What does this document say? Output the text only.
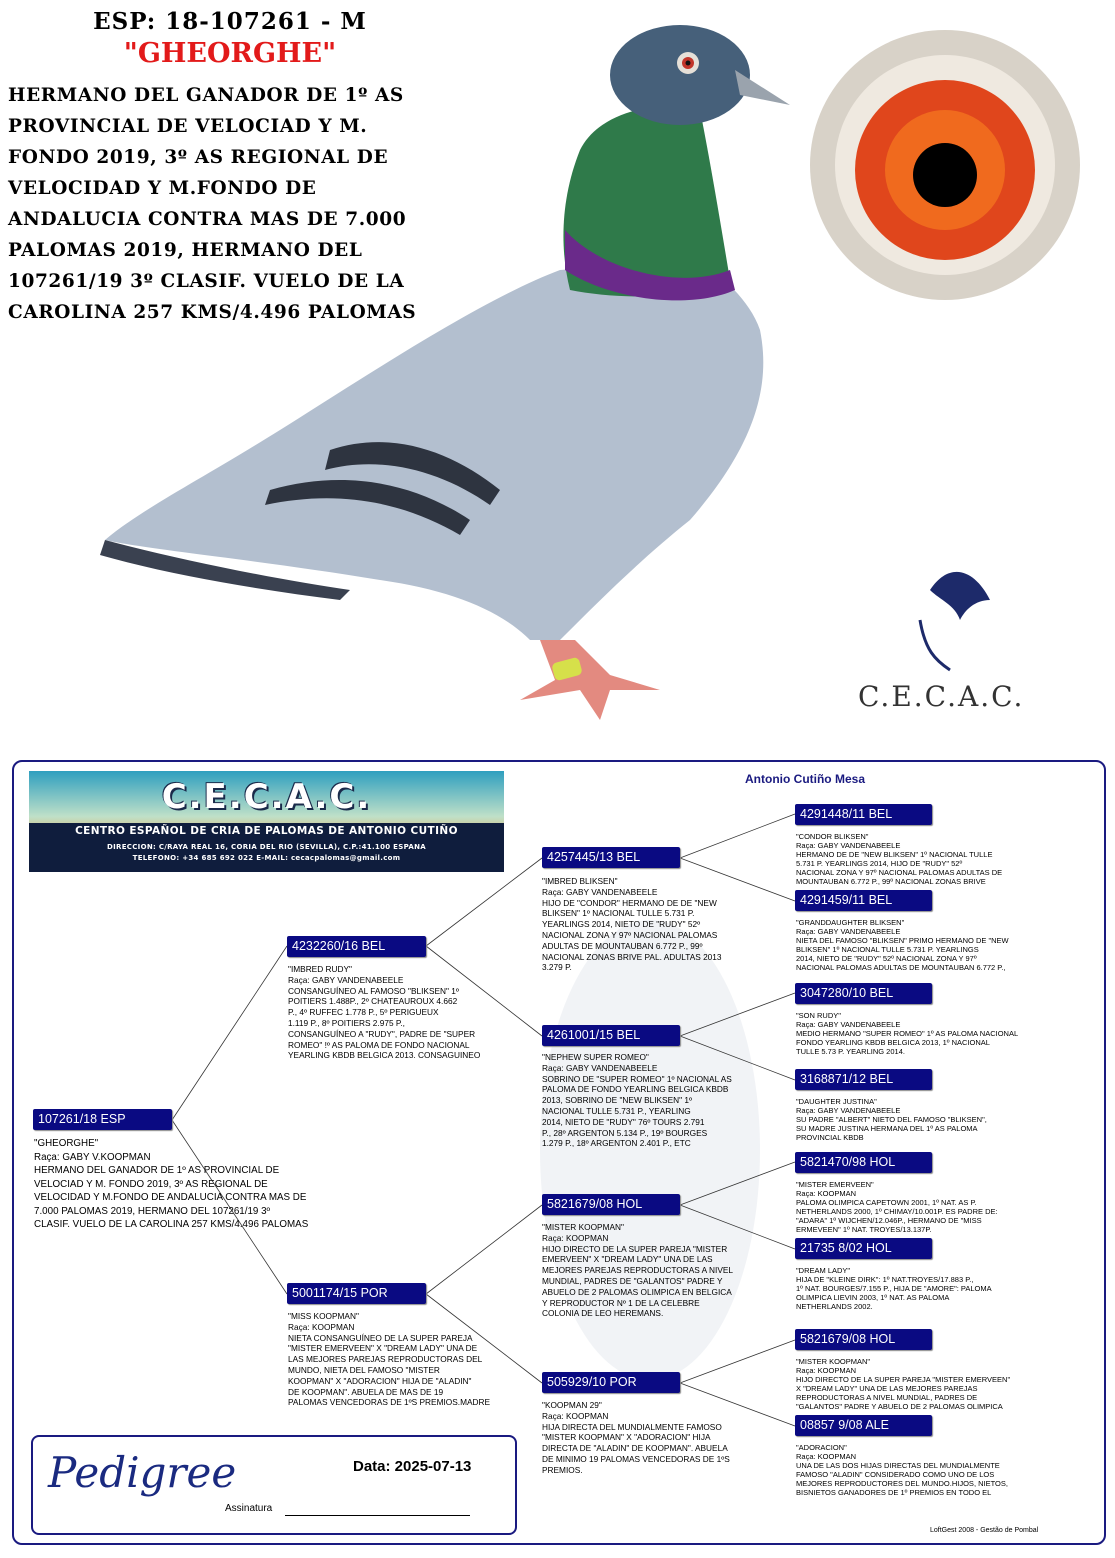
ESP: 18-107261 - M
"GHEORGHE"
HERMANO DEL GANADOR DE 1º AS
PROVINCIAL DE VELOCIAD Y M.
FONDO 2019, 3º AS REGIONAL DE
VELOCIDAD Y M.FONDO DE
ANDALUCIA CONTRA MAS DE 7.000
PALOMAS 2019, HERMANO DEL
107261/19 3º CLASIF. VUELO DE LA
CAROLINA 257 KMS/4.496 PALOMAS
C.E.C.A.C.
C.E.C.A.C.
CENTRO ESPAÑOL DE CRIA DE PALOMAS DE ANTONIO CUTIÑO
DIRECCION: C/RAYA REAL 16, CORIA DEL RIO (SEVILLA), C.P.:41.100 ESPANA
TELEFONO: +34 685 692 022 E-MAIL: cecacpalomas@gmail.com
Antonio Cutiño Mesa
107261/18 ESP
"GHEORGHE"
Raça: GABY V.KOOPMAN
HERMANO DEL GANADOR DE 1º AS PROVINCIAL DE
VELOCIAD Y M. FONDO 2019, 3º AS REGIONAL DE
VELOCIDAD Y M.FONDO DE ANDALUCIA CONTRA MAS DE
7.000 PALOMAS 2019, HERMANO DEL 107261/19 3º
CLASIF. VUELO DE LA CAROLINA 257 KMS/4.496 PALOMAS
4232260/16 BEL
"IMBRED RUDY"
Raça: GABY VANDENABEELE
CONSANGUÍNEO AL FAMOSO "BLIKSEN" 1º
POITIERS 1.488P., 2º CHATEAUROUX 4.662
P., 4º RUFFEC 1.778 P., 5º PERIGUEUX
1.119 P., 8º POITIERS 2.975 P.,
CONSANGUÍNEO A "RUDY", PADRE DE "SUPER
ROMEO" !º AS PALOMA DE FONDO NACIONAL
YEARLING KBDB BELGICA 2013. CONSAGUINEO
5001174/15 POR
"MISS KOOPMAN"
Raça: KOOPMAN
NIETA CONSANGUÍNEO DE LA SUPER PAREJA
"MISTER EMERVEEN" X "DREAM LADY" UNA DE
LAS MEJORES PAREJAS REPRODUCTORAS DEL
MUNDO, NIETA DEL FAMOSO "MISTER
KOOPMAN" X "ADORACION" HIJA DE "ALADIN"
DE KOOPMAN". ABUELA DE MAS DE 19
PALOMAS VENCEDORAS DE 1ºS PREMIOS.MADRE
4257445/13 BEL
"IMBRED BLIKSEN"
Raça: GABY VANDENABEELE
HIJO DE "CONDOR" HERMANO DE DE "NEW
BLIKSEN" 1º NACIONAL TULLE 5.731 P.
YEARLINGS 2014, NIETO DE "RUDY" 52º
NACIONAL ZONA Y 97º NACIONAL PALOMAS
ADULTAS DE MOUNTAUBAN 6.772 P., 99º
NACIONAL ZONAS BRIVE PAL. ADULTAS 2013
3.279 P.
4261001/15 BEL
"NEPHEW SUPER ROMEO"
Raça: GABY VANDENABEELE
SOBRINO DE "SUPER ROMEO" 1º NACIONAL AS
PALOMA DE FONDO YEARLING BELGICA KBDB
2013, SOBRINO DE "NEW BLIKSEN" 1º
NACIONAL TULLE 5.731 P., YEARLING
2014, NIETO DE "RUDY" 76º TOURS 2.791
P., 28º ARGENTON 5.134 P., 19º BOURGES
1.279 P., 18º ARGENTON 2.401 P., ETC
5821679/08 HOL
"MISTER KOOPMAN"
Raça: KOOPMAN
HIJO DIRECTO DE LA SUPER PAREJA "MISTER
EMERVEEN" X "DREAM LADY" UNA DE LAS
MEJORES PAREJAS REPRODUCTORAS A NIVEL
MUNDIAL, PADRES DE "GALANTOS" PADRE Y
ABUELO DE 2 PALOMAS OLIMPICA EN BELGICA
Y REPRODUCTOR Nº 1 DE LA CELEBRE
COLONIA DE LEO HEREMANS.
505929/10 POR
"KOOPMAN 29"
Raça: KOOPMAN
HIJA DIRECTA DEL MUNDIALMENTE FAMOSO
"MISTER KOOPMAN" X "ADORACION" HIJA
DIRECTA DE "ALADIN" DE KOOPMAN". ABUELA
DE MINIMO 19 PALOMAS VENCEDORAS DE 1ºS
PREMIOS.
4291448/11 BEL
"CONDOR BLIKSEN"
Raça: GABY VANDENABEELE
HERMANO DE DE "NEW BLIKSEN" 1º NACIONAL TULLE
5.731 P. YEARLINGS 2014, HIJO DE "RUDY" 52º
NACIONAL ZONA Y 97º NACIONAL PALOMAS ADULTAS DE
MOUNTAUBAN 6.772 P., 99º NACIONAL ZONAS BRIVE
4291459/11 BEL
"GRANDDAUGHTER BLIKSEN"
Raça: GABY VANDENABEELE
NIETA DEL FAMOSO "BLIKSEN" PRIMO HERMANO DE "NEW
BLIKSEN" 1º NACIONAL TULLE 5.731 P. YEARLINGS
2014, NIETO DE "RUDY" 52º NACIONAL ZONA Y 97º
NACIONAL PALOMAS ADULTAS DE MOUNTAUBAN 6.772 P.,
3047280/10 BEL
"SON RUDY"
Raça: GABY VANDENABEELE
MEDIO HERMANO "SUPER ROMEO" 1º AS PALOMA NACIONAL
FONDO YEARLING KBDB BELGICA 2013, 1º NACIONAL
TULLE 5.73 P. YEARLING 2014.
3168871/12 BEL
"DAUGHTER JUSTINA"
Raça: GABY VANDENABEELE
SU PADRE "ALBERT" NIETO DEL FAMOSO "BLIKSEN",
SU MADRE JUSTINA HERMANA DEL 1º AS PALOMA
PROVINCIAL KBDB
5821470/98 HOL
"MISTER EMERVEEN"
Raça: KOOPMAN
PALOMA OLIMPICA CAPETOWN 2001, 1º NAT. AS P.
NETHERLANDS 2000, 1º CHIMAY/10.001P. ES PADRE DE:
"ADARA" 1º WIJCHEN/12.046P., HERMANO DE "MISS
ERMEVEEN" 1º NAT. TROYES/13.137P.
21735 8/02 HOL
"DREAM LADY"
HIJA DE "KLEINE DIRK": 1º NAT.TROYES/17.883 P.,
1º NAT. BOURGES/7.155 P., HIJA DE "AMORE": PALOMA
OLIMPICA LIEVIN 2003, 1º NAT. AS PALOMA
NETHERLANDS 2002.
5821679/08 HOL
"MISTER KOOPMAN"
Raça: KOOPMAN
HIJO DIRECTO DE LA SUPER PAREJA "MISTER EMERVEEN"
X "DREAM LADY" UNA DE LAS MEJORES PAREJAS
REPRODUCTORAS A NIVEL MUNDIAL, PADRES DE
"GALANTOS" PADRE Y ABUELO DE 2 PALOMAS OLIMPICA
08857 9/08 ALE
"ADORACION"
Raça: KOOPMAN
UNA DE LAS DOS HIJAS DIRECTAS DEL MUNDIALMENTE
FAMOSO "ALADIN" CONSIDERADO COMO UNO DE LOS
MEJORES REPRODUCTORES DEL MUNDO.HIJOS, NIETOS,
BISNIETOS GANADORES DE 1º PREMIOS EN TODO EL
Pedigree	Data: 2025-07-13
Assinatura
LoftGest 2008 - Gestão de Pombal
